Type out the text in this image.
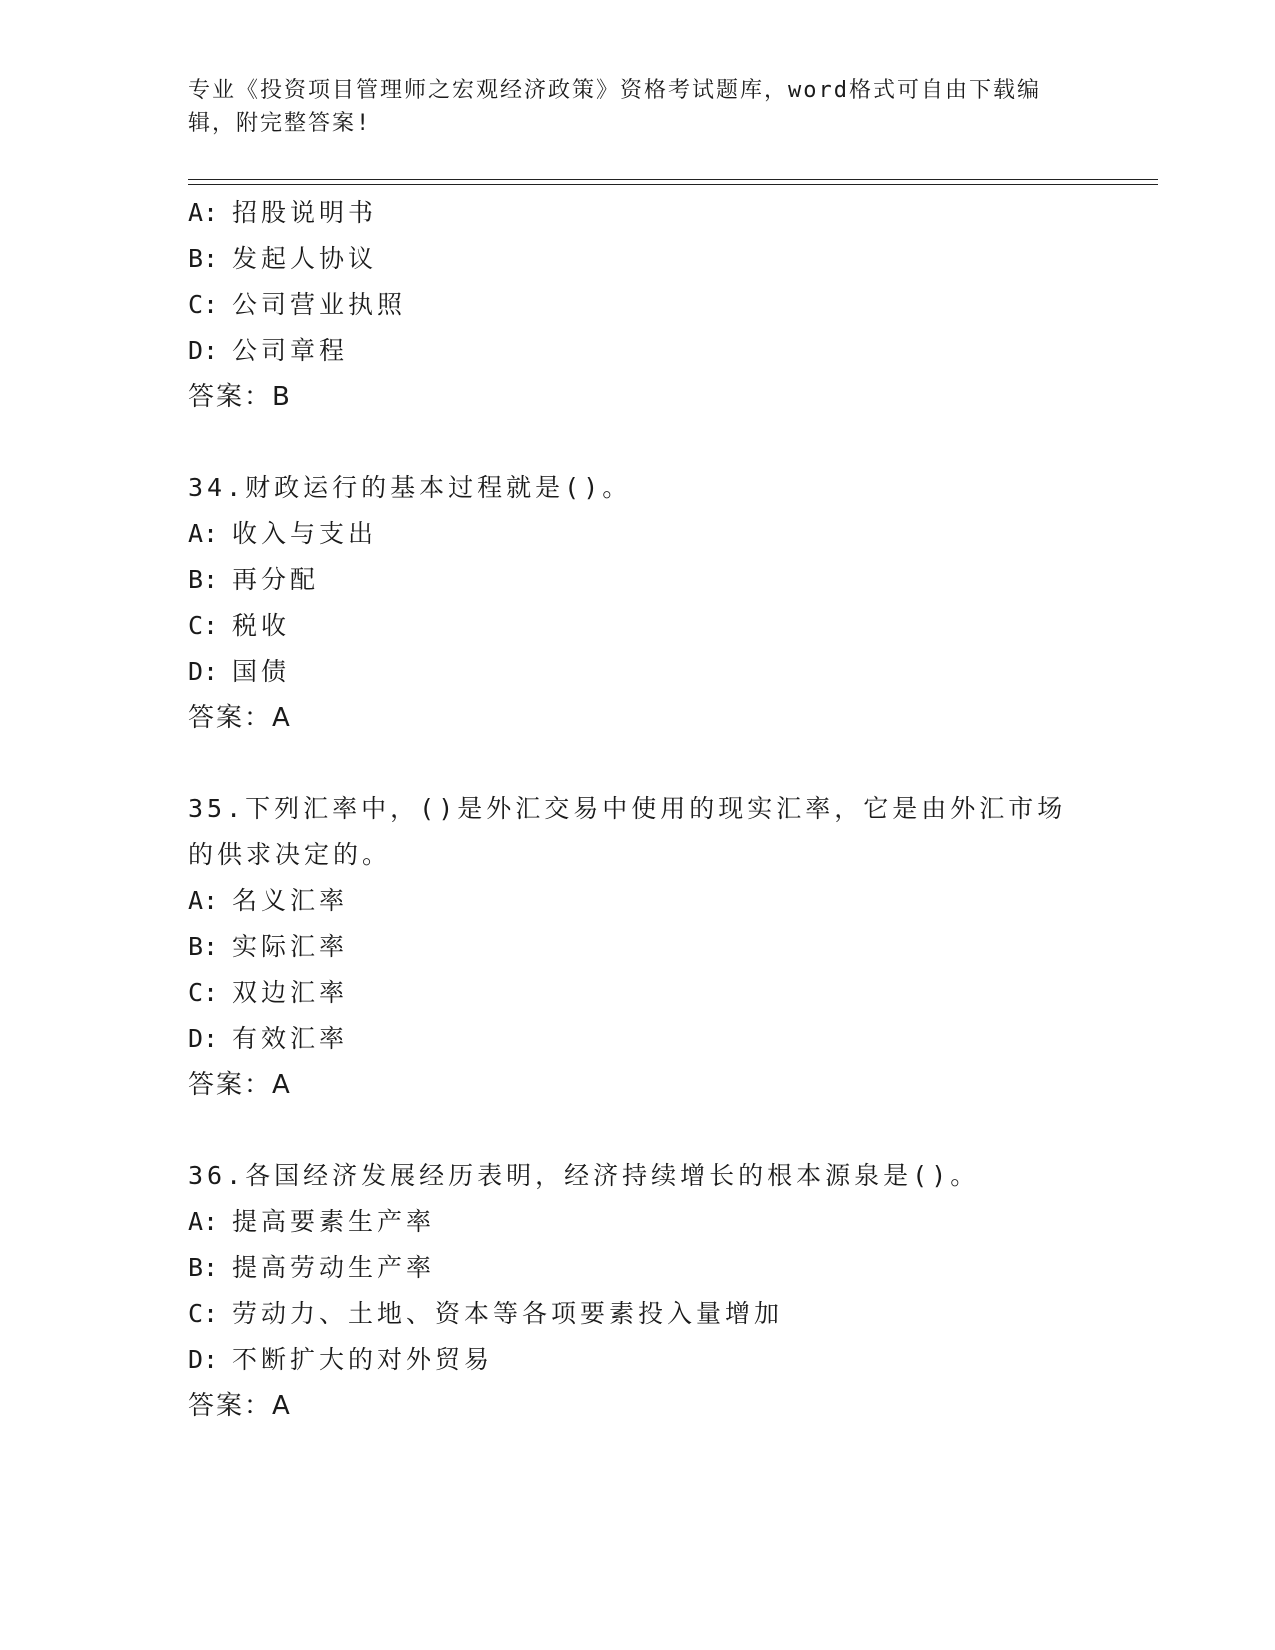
专业《投资项目管理师之宏观经济政策》资格考试题库，word格式可自由下载编辑，附完整答案!
A: 招股说明书
B: 发起人协议
C: 公司营业执照
D: 公司章程
答案：B
34.财政运行的基本过程就是()。
A: 收入与支出
B: 再分配
C: 税收
D: 国债
答案：A
35.下列汇率中，()是外汇交易中使用的现实汇率，它是由外汇市场的供求决定的。
A: 名义汇率
B: 实际汇率
C: 双边汇率
D: 有效汇率
答案：A
36.各国经济发展经历表明，经济持续增长的根本源泉是()。
A: 提高要素生产率
B: 提高劳动生产率
C: 劳动力、土地、资本等各项要素投入量增加
D: 不断扩大的对外贸易
答案：A
